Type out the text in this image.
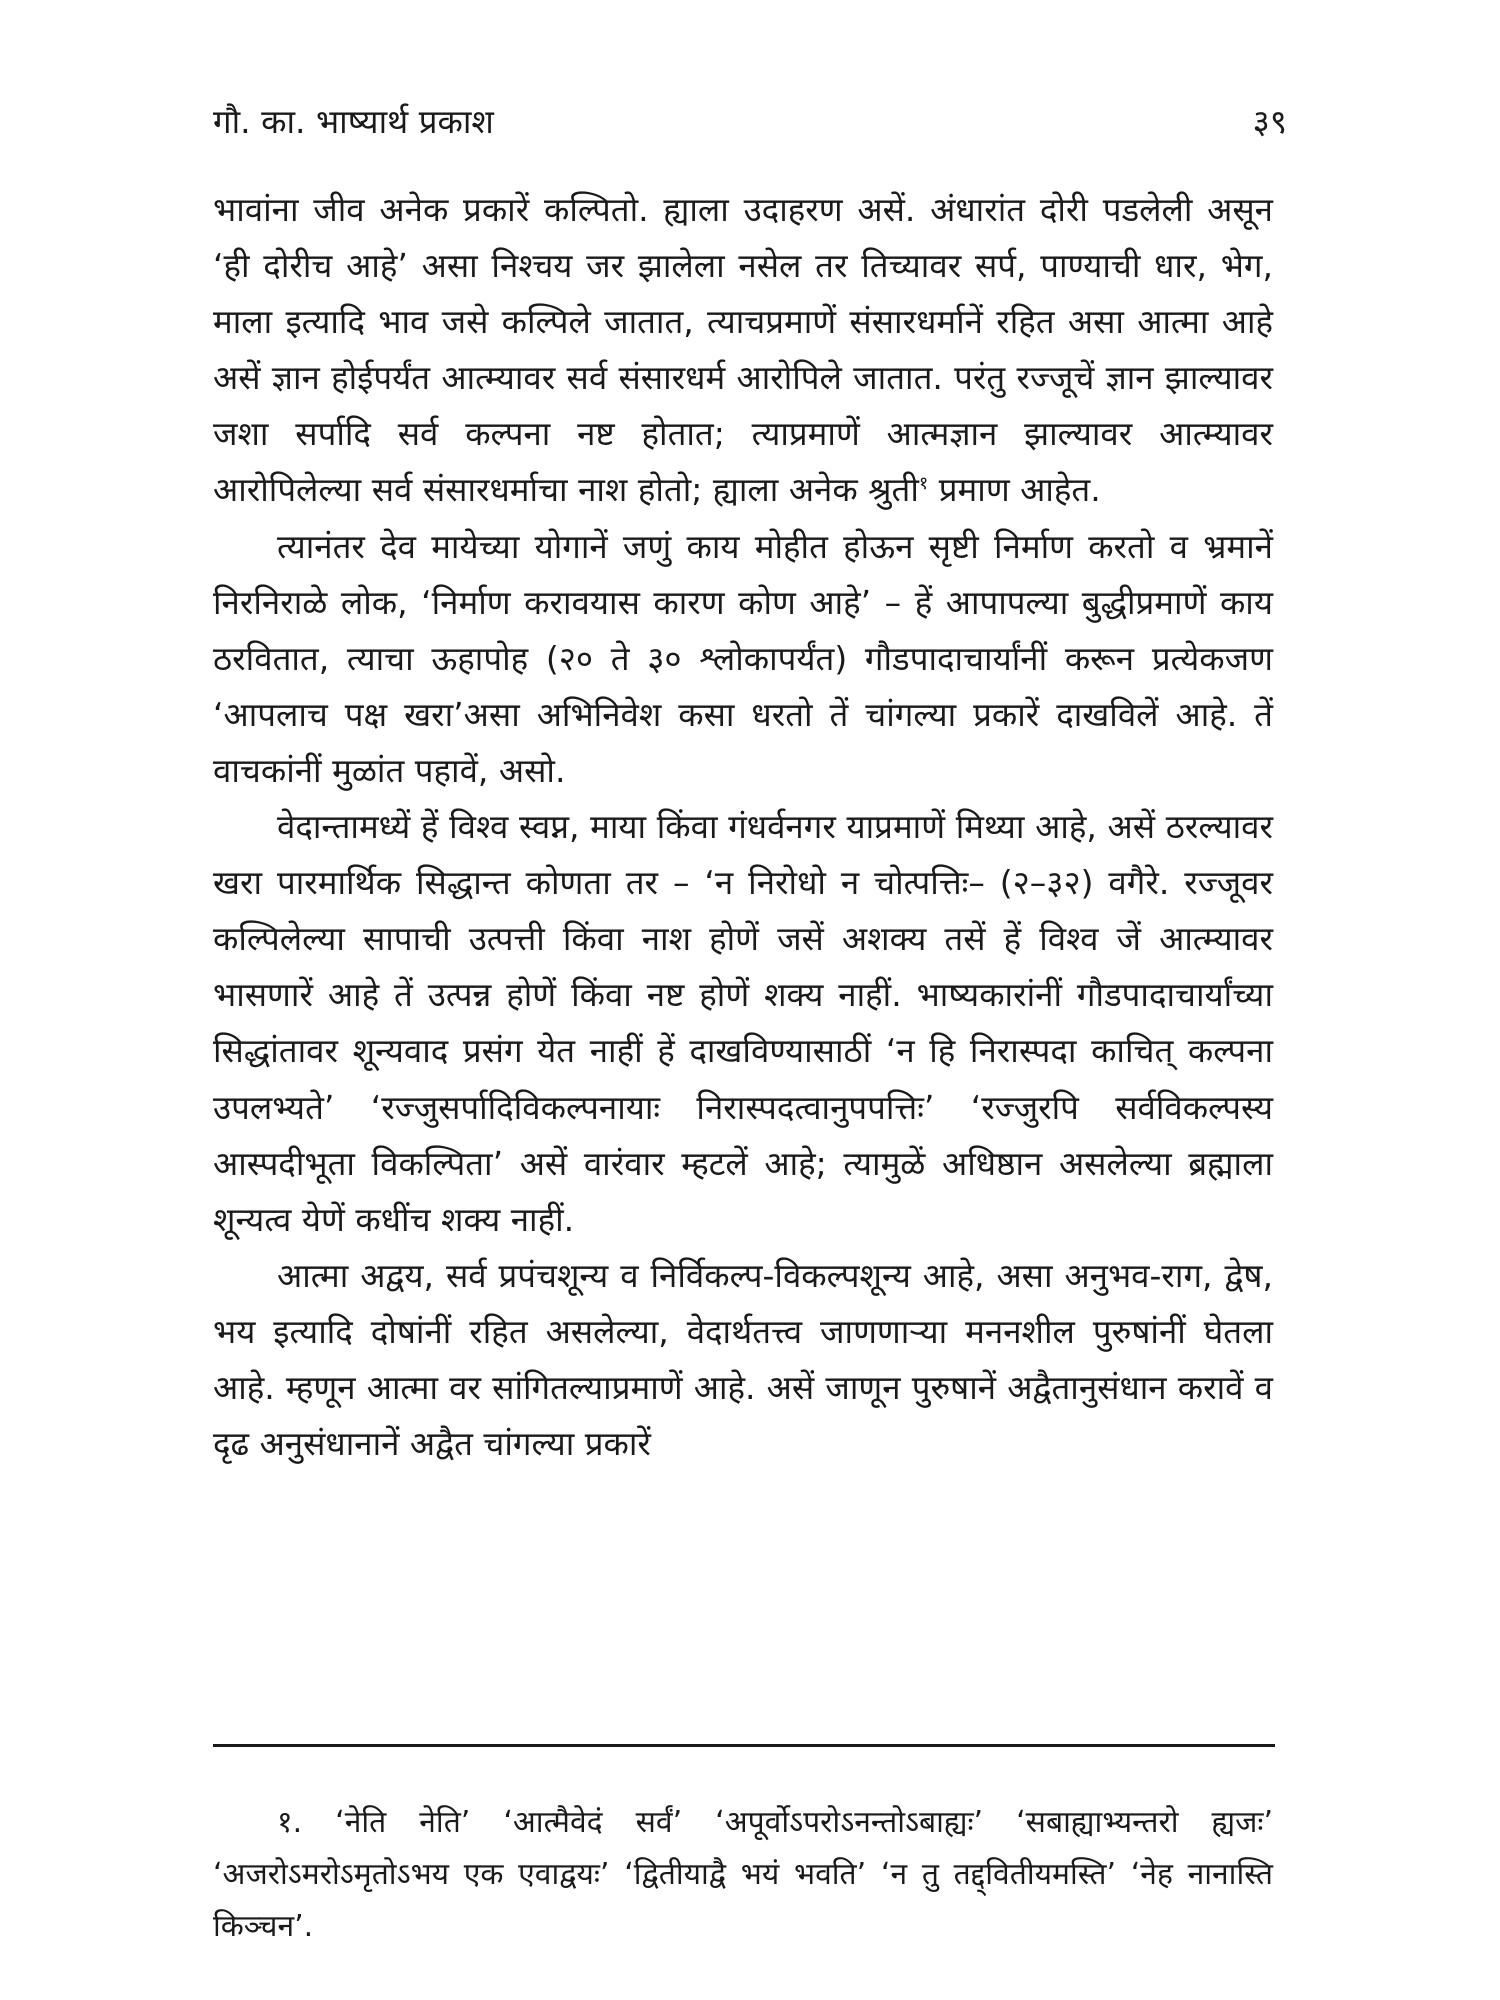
गौ. का. भाष्यार्थ प्रकाश	३९

भावांना जीव अनेक प्रकारें कल्पितो. ह्याला उदाहरण असें. अंधारांत दोरी पडलेली असून ‘ही दोरीच आहे’ असा निश्चय जर झालेला नसेल तर तिच्यावर सर्प, पाण्याची धार, भेग, माला इत्यादि भाव जसे कल्पिले जातात, त्याचप्रमाणें संसारधर्मानें रहित असा आत्मा आहे असें ज्ञान होईपर्यंत आत्म्यावर सर्व संसारधर्म आरोपिले जातात. परंतु रज्जूचें ज्ञान झाल्यावर जशा सर्पादि सर्व कल्पना नष्ट होतात; त्याप्रमाणें आत्मज्ञान झाल्यावर आत्म्यावर आरोपिलेल्या सर्व संसारधर्माचा नाश होतो; ह्याला अनेक श्रुती$^१$ प्रमाण आहेत.

त्यानंतर देव मायेच्या योगानें जणुं काय मोहीत होऊन सृष्टी निर्माण करतो व भ्रमानें निरनिराळे लोक, ‘निर्माण करावयास कारण कोण आहे’ – हें आपापल्या बुद्धीप्रमाणें काय ठरवितात, त्याचा ऊहापोह (२० ते ३० श्लोकापर्यंत) गौडपादाचार्यांनीं करून प्रत्येकजण ‘आपलाच पक्ष खरा’असा अभिनिवेश कसा धरतो तें चांगल्या प्रकारें दाखविलें आहे. तें वाचकांनीं मुळांत पहावें, असो.

वेदान्तामध्यें हें विश्व स्वप्न, माया किंवा गंधर्वनगर याप्रमाणें मिथ्या आहे, असें ठरल्यावर खरा पारमार्थिक सिद्धान्त कोणता तर – ‘न निरोधो न चोत्पत्तिः– (२–३२) वगैरे. रज्जूवर कल्पिलेल्या सापाची उत्पत्ती किंवा नाश होणें जसें अशक्य तसें हें विश्व जें आत्म्यावर भासणारें आहे तें उत्पन्न होणें किंवा नष्ट होणें शक्य नाहीं. भाष्यकारांनीं गौडपादाचार्यांच्या सिद्धांतावर शून्यवाद प्रसंग येत नाहीं हें दाखविण्यासाठीं ‘न हि निरास्पदा काचित् कल्पना उपलभ्यते’ ‘रज्जुसर्पादिविकल्पनायाः निरास्पदत्वानुपपत्तिः’ ‘रज्जुरपि सर्वविकल्पस्य आस्पदीभूता विकल्पिता’ असें वारंवार म्हटलें आहे; त्यामुळें अधिष्ठान असलेल्या ब्रह्माला शून्यत्व येणें कधींच शक्य नाहीं.

आत्मा अद्वय, सर्व प्रपंचशून्य व निर्विकल्प-विकल्पशून्य आहे, असा अनुभव-राग, द्वेष, भय इत्यादि दोषांनीं रहित असलेल्या, वेदार्थतत्त्व जाणणाऱ्या मननशील पुरुषांनीं घेतला आहे. म्हणून आत्मा वर सांगितल्याप्रमाणें आहे. असें जाणून पुरुषानें अद्वैतानुसंधान करावें व दृढ अनुसंधानानें अद्वैत चांगल्या प्रकारें

१. ‘नेति नेति’ ‘आत्मैवेदं सर्वं’ ‘अपूर्वोऽपरोऽनन्तोऽबाह्यः’ ‘सबाह्याभ्यन्तरो ह्यजः’ ‘अजरोऽमरोऽमृतोऽभय एक एवाद्वयः’ ‘द्वितीयाद्वै भयं भवति’ ‘न तु तद्द्वितीयमस्ति’ ‘नेह नानास्ति किञ्चन’.
